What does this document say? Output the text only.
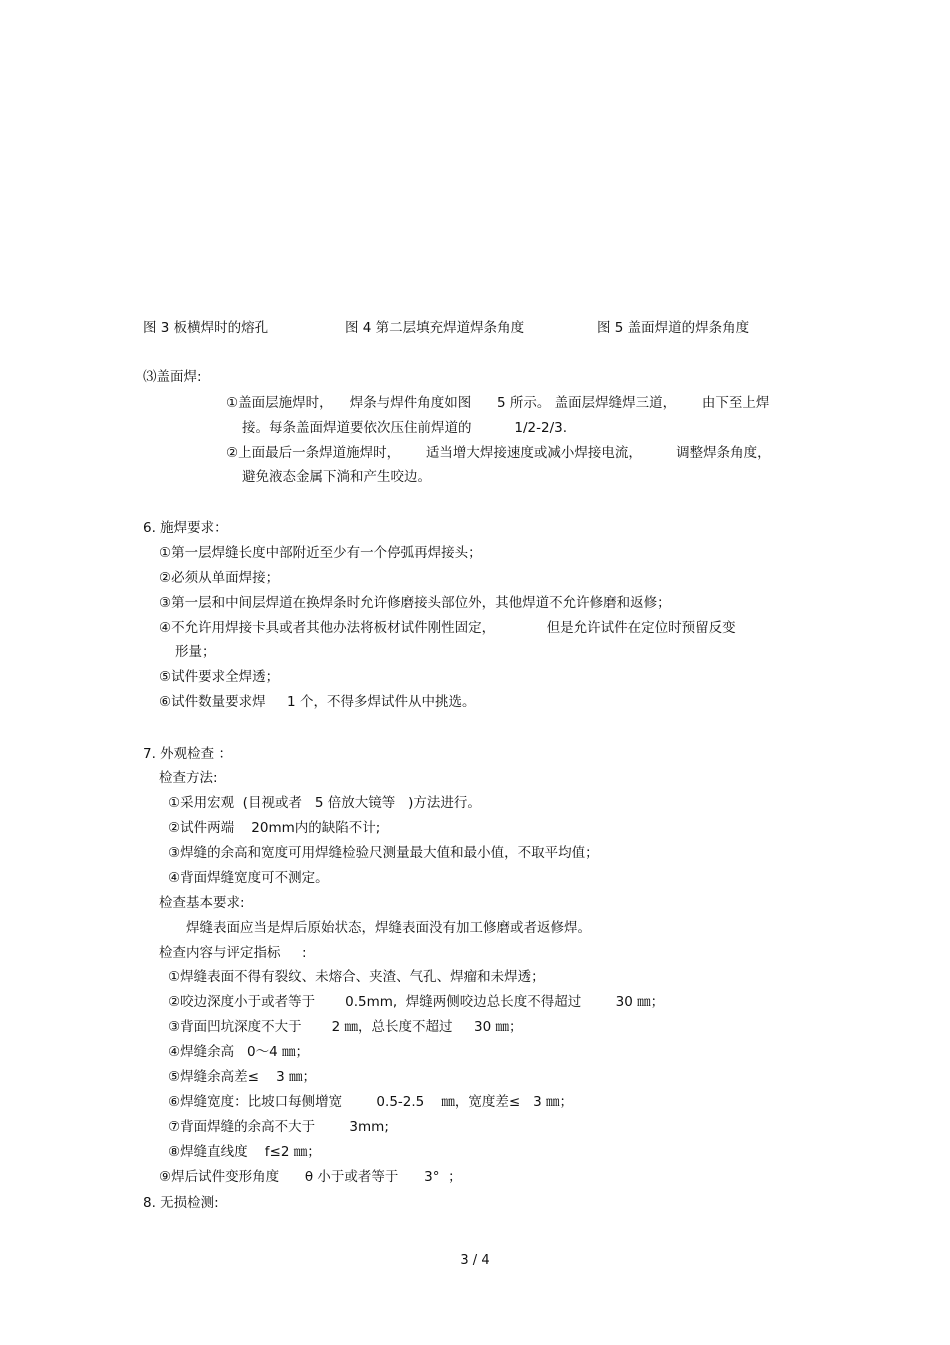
图 3 板横焊时的熔孔	图 4 第二层填充焊道焊条角度	图 5 盖面焊道的焊条角度
⑶盖面焊:
①盖面层施焊时，    焊条与焊件角度如图      5 所示。 盖面层焊缝焊三道，      由下至上焊
接。每条盖面焊道要依次压住前焊道的          1/2-2/3.
②上面最后一条焊道施焊时，      适当增大焊接速度或减小焊接电流，        调整焊条角度，
避免液态金属下淌和产生咬边。
6. 施焊要求：
①第一层焊缝长度中部附近至少有一个停弧再焊接头；
②必须从单面焊接；
③第一层和中间层焊道在换焊条时允许修磨接头部位外，其他焊道不允许修磨和返修；
④不允许用焊接卡具或者其他办法将板材试件刚性固定，            但是允许试件在定位时预留反变
形量；
⑤试件要求全焊透；
⑥试件数量要求焊     1 个，不得多焊试件从中挑选。
7. 外观检查 ：
检查方法:
①采用宏观  (目视或者   5 倍放大镜等   )方法进行。
②试件两端    20mm内的缺陷不计;
③焊缝的余高和宽度可用焊缝检验尺测量最大值和最小值，不取平均值；
④背面焊缝宽度可不测定。
检查基本要求:
焊缝表面应当是焊后原始状态，焊缝表面没有加工修磨或者返修焊。
检查内容与评定指标     :
①焊缝表面不得有裂纹、未熔合、夹渣、气孔、焊瘤和未焊透；
②咬边深度小于或者等于       0.5mm,  焊缝两侧咬边总长度不得超过        30 ㎜；
③背面凹坑深度不大于       2 ㎜，总长度不超过     30 ㎜；
④焊缝余高   0～4 ㎜；
⑤焊缝余高差≤    3 ㎜；
⑥焊缝宽度：比坡口每侧增宽        0.5-2.5    ㎜，宽度差≤   3 ㎜；
⑦背面焊缝的余高不大于        3mm;
⑧焊缝直线度    f≤2 ㎜；
⑨焊后试件变形角度      θ 小于或者等于      3°  ；
8. 无损检测:
3 / 4
